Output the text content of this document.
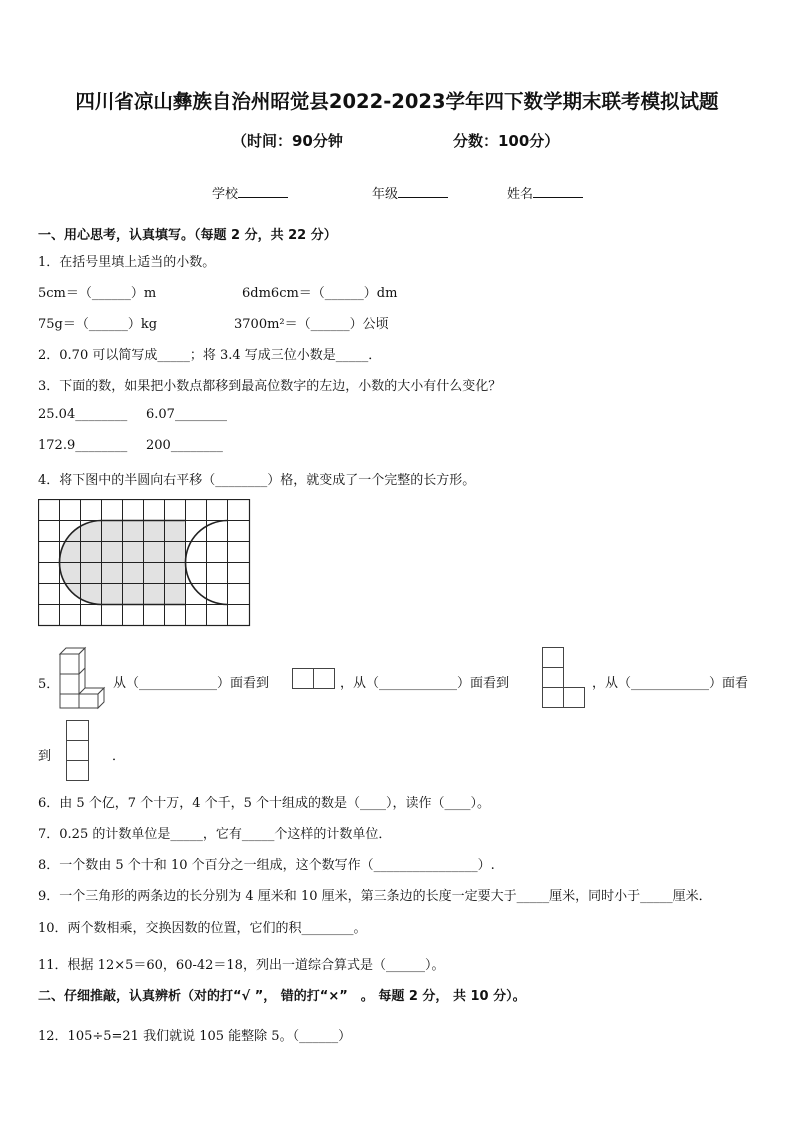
四川省凉山彝族自治州昭觉县2022-2023学年四下数学期末联考模拟试题
（时间：90分钟	分数：100分）
学校	年级	姓名
一、用心思考，认真填写。（每题 2 分，共 22 分）
1．在括号里填上适当的小数。
5cm＝（______）m	6dm6cm＝（______）dm
75g＝（______）kg	3700m²＝（______）公顷
2．0.70 可以简写成_____；将 3.4 写成三位小数是_____．
3．下面的数，如果把小数点都移到最高位数字的左边，小数的大小有什么变化？
25.04________ 6.07________
172.9________ 200________
4．将下图中的半圆向右平移（________）格，就变成了一个完整的长方形。
5．	从（____________）面看到	，从（____________）面看到	，从（____________）面看
到	．
6．由 5 个亿，7 个十万，4 个千，5 个十组成的数是（____），读作（____）。
7．0.25 的计数单位是_____，它有_____个这样的计数单位．
8．一个数由 5 个十和 10 个百分之一组成，这个数写作（________________）.
9．一个三角形的两条边的长分别为 4 厘米和 10 厘米，第三条边的长度一定要大于_____厘米，同时小于_____厘米．
10．两个数相乘，交换因数的位置，它们的积________。
11．根据 12×5＝60，60-42＝18，列出一道综合算式是（______）。
二、仔细推敲，认真辨析（对的打“√ ”， 错的打“×”　。 每题 2 分， 共 10 分）。
12．105÷5=21 我们就说 105 能整除 5。（______）
